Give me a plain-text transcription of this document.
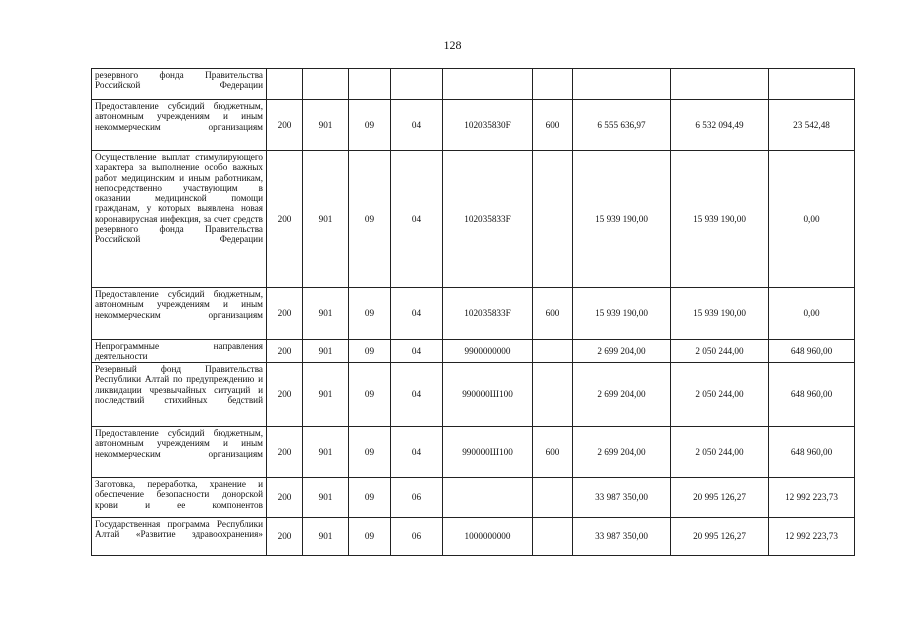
128
резервного фонда Правительства Российской Федерации									
Предоставление субсидий бюджетным, автономным учреждениям и иным некоммерческим организациям	200	901	09	04	102035830F	600	6 555 636,97	6 532 094,49	23 542,48
Осуществление выплат стимулирующего характера за выполнение особо важных работ медицинским и иным работникам, непосредственно участвующим в оказании медицинской помощи гражданам, у которых выявлена новая коронавирусная инфекция, за счет средств резервного фонда Правительства Российской Федерации	200	901	09	04	102035833F		15 939 190,00	15 939 190,00	0,00
Предоставление субсидий бюджетным, автономным учреждениям и иным некоммерческим организациям	200	901	09	04	102035833F	600	15 939 190,00	15 939 190,00	0,00
Непрограммные направления деятельности	200	901	09	04	9900000000		2 699 204,00	2 050 244,00	648 960,00
Резервный фонд Правительства Республики Алтай по предупреждению и ликвидации чрезвычайных ситуаций и последствий стихийных бедствий	200	901	09	04	990000Ш100		2 699 204,00	2 050 244,00	648 960,00
Предоставление субсидий бюджетным, автономным учреждениям и иным некоммерческим организациям	200	901	09	04	990000Ш100	600	2 699 204,00	2 050 244,00	648 960,00
Заготовка, переработка, хранение и обеспечение безопасности донорской крови и ее компонентов	200	901	09	06			33 987 350,00	20 995 126,27	12 992 223,73
Государственная программа Республики Алтай «Развитие здравоохранения»	200	901	09	06	1000000000		33 987 350,00	20 995 126,27	12 992 223,73
